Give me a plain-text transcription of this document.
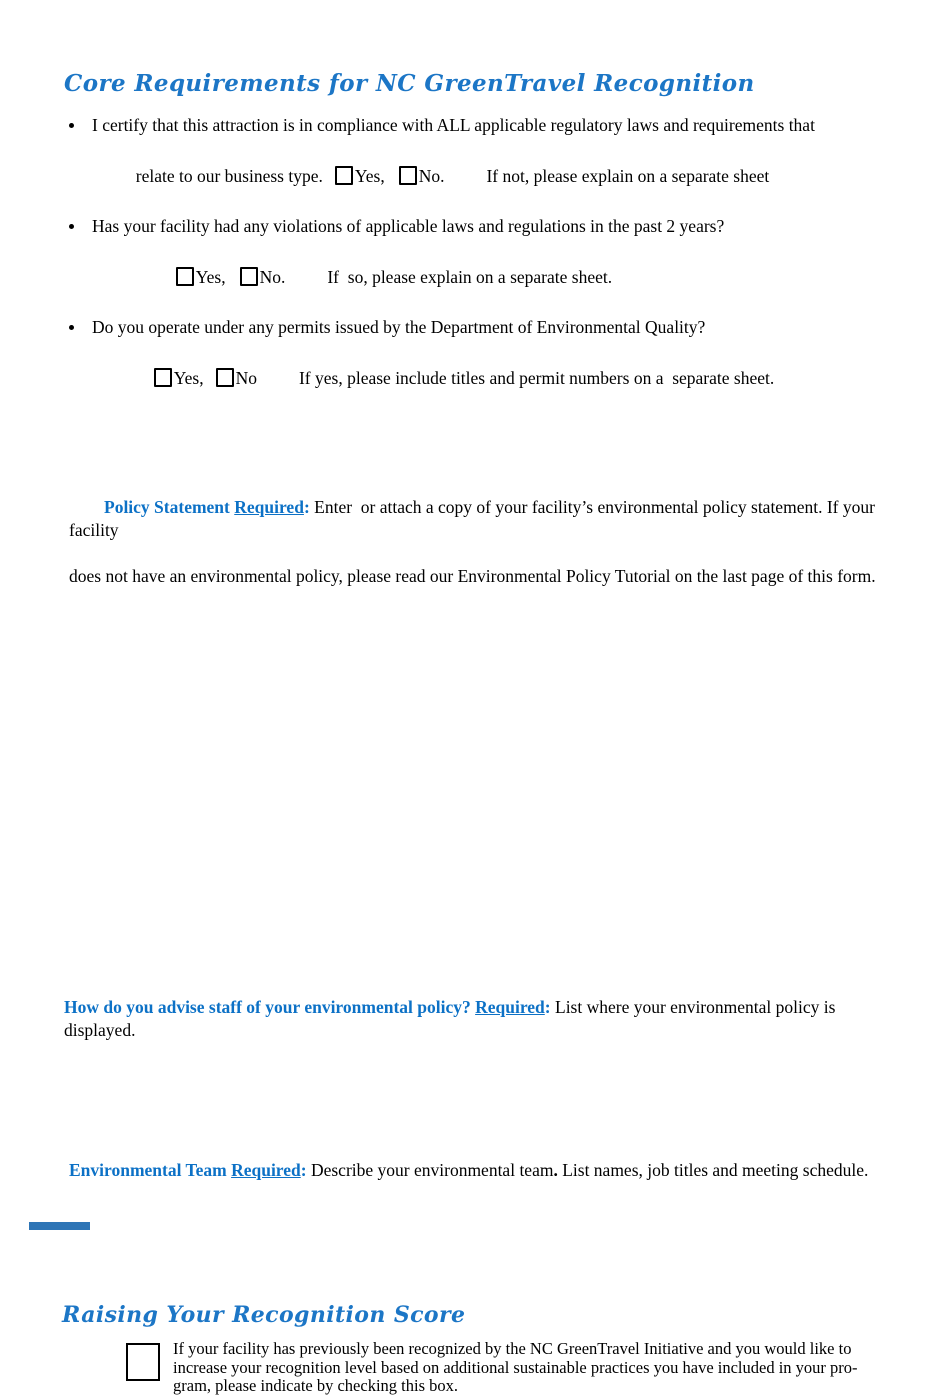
Core Requirements for NC GreenTravel Recognition
I certify that this attraction is in compliance with ALL applicable regulatory laws and requirements that

relate to our business type. Yes, No. If not, please explain on a separate sheet

Has your facility had any violations of applicable laws and regulations in the past 2 years?

Yes, No. If  so, please explain on a separate sheet.

Do you operate under any permits issued by the Department of Environmental Quality?

Yes, No If yes, please include titles and permit numbers on a  separate sheet.

Policy Statement Required: Enter  or attach a copy of your facility’s environmental policy statement. If your facility

does not have an environmental policy, please read our Environmental Policy Tutorial on the last page of this form.
How do you advise staff of your environmental policy? Required: List where your environmental policy is displayed.
Environmental Team Required: Describe your environmental team. List names, job titles and meeting schedule.
Raising Your Recognition Score
If your facility has previously been recognized by the NC GreenTravel Initiative and you would like to
increase your recognition level based on additional sustainable practices you have included in your pro-
gram, please indicate by checking this box.
